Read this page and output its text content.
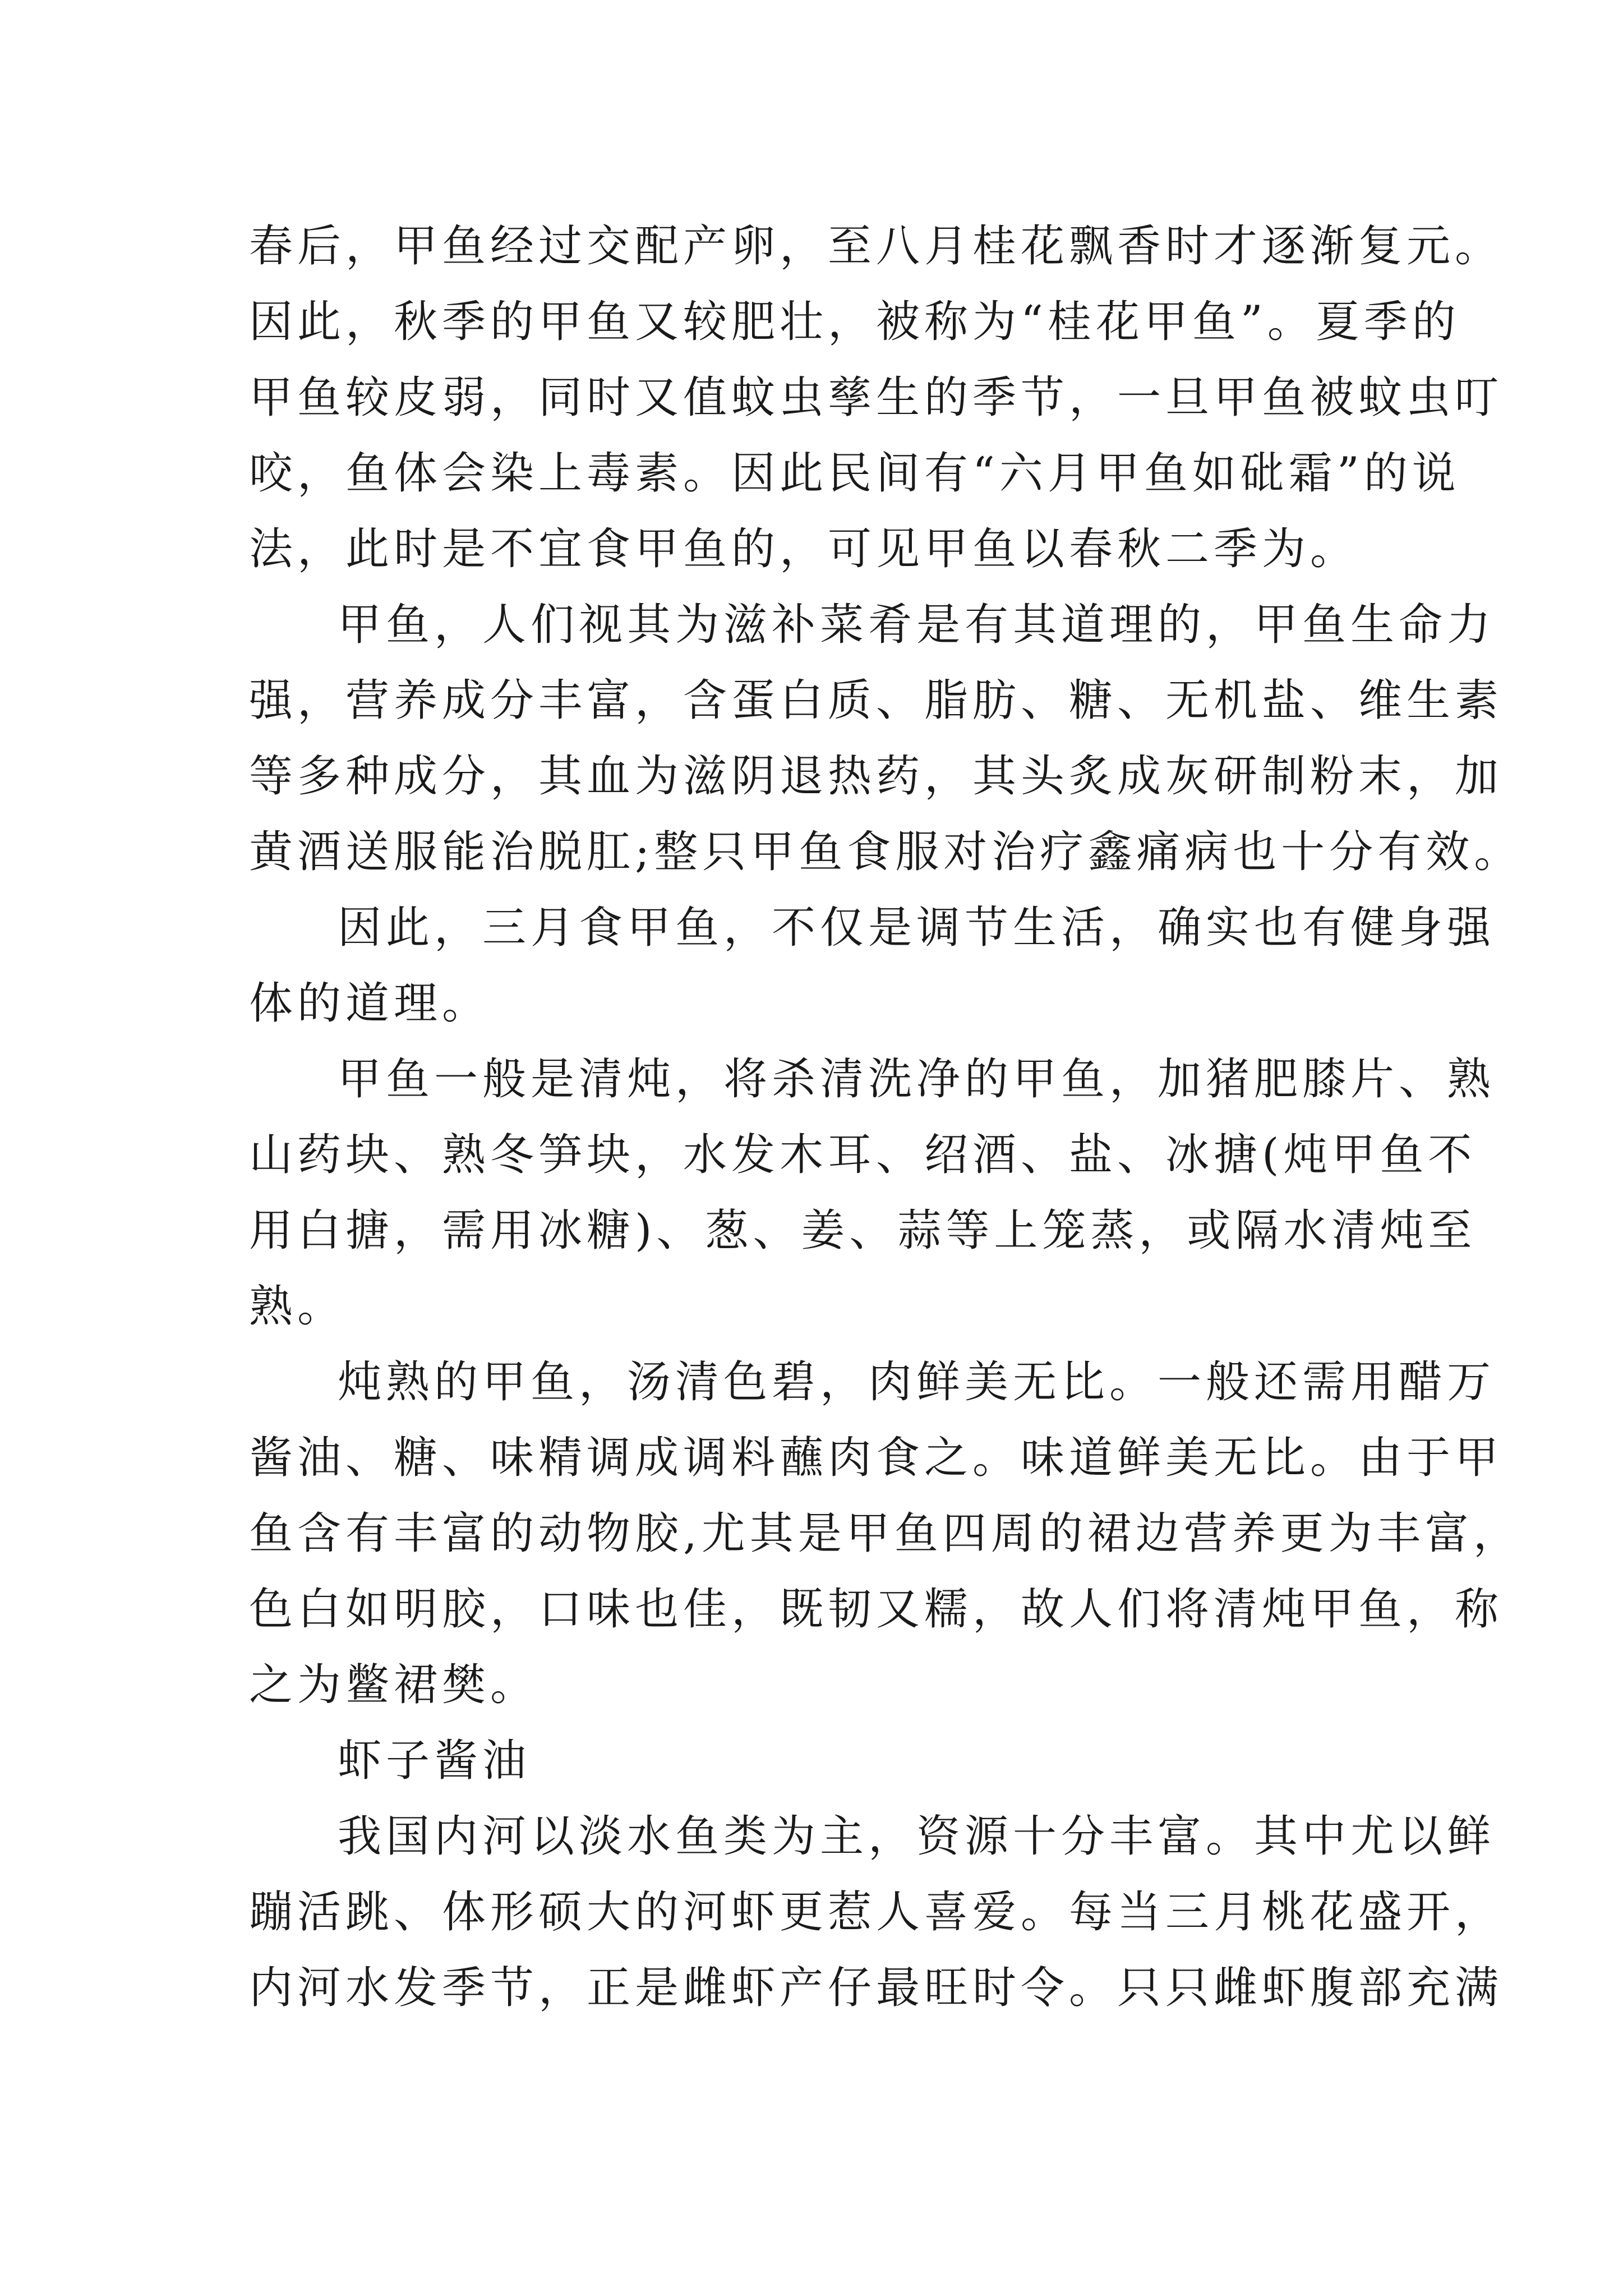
春后，甲鱼经过交配产卵，至八月桂花飘香时才逐渐复元。
因此，秋季的甲鱼又较肥壮，被称为“桂花甲鱼”。夏季的
甲鱼较皮弱，同时又值蚊虫孳生的季节，一旦甲鱼被蚊虫叮
咬，鱼体会染上毒素。因此民间有“六月甲鱼如砒霜”的说
法，此时是不宜食甲鱼的，可见甲鱼以春秋二季为。
甲鱼，人们视其为滋补菜肴是有其道理的，甲鱼生命力
强，营养成分丰富，含蛋白质、脂肪、糖、无机盐、维生素
等多种成分，其血为滋阴退热药，其头炙成灰研制粉末，加
黄酒送服能治脱肛;整只甲鱼食服对治疗鑫痛病也十分有效。
因此，三月食甲鱼，不仅是调节生活，确实也有健身强
体的道理。
甲鱼一般是清炖，将杀清洗净的甲鱼，加猪肥膝片、熟
山药块、熟冬笋块，水发木耳、绍酒、盐、冰搪(炖甲鱼不
用白搪，需用冰糖)、葱、姜、蒜等上笼蒸，或隔水清炖至
熟。
炖熟的甲鱼，汤清色碧，肉鲜美无比。一般还需用醋万
酱油、糖、味精调成调料蘸肉食之。味道鲜美无比。由于甲
鱼含有丰富的动物胶,尤其是甲鱼四周的裙边营养更为丰富，
色白如明胶，口味也佳，既韧又糯，故人们将清炖甲鱼，称
之为鳖裙樊。
虾子酱油
我国内河以淡水鱼类为主，资源十分丰富。其中尤以鲜
蹦活跳、体形硕大的河虾更惹人喜爱。每当三月桃花盛开，
内河水发季节，正是雌虾产仔最旺时令。只只雌虾腹部充满
